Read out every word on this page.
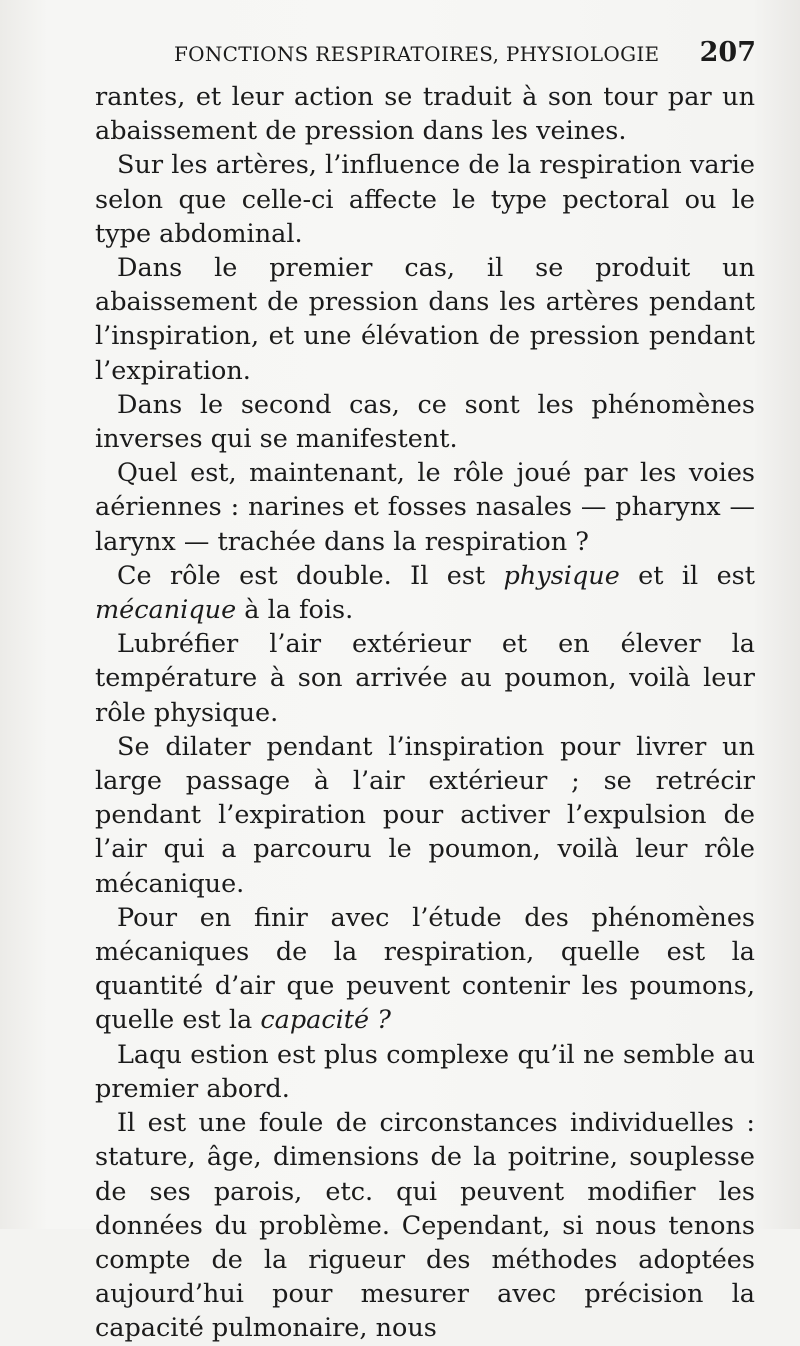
FONCTIONS RESPIRATOIRES, PHYSIOLOGIE 207

rantes, et leur action se traduit à son tour par un abaissement de pression dans les veines.

Sur les artères, l’influence de la respiration varie selon que celle-ci affecte le type pectoral ou le type abdominal.

Dans le premier cas, il se produit un abaissement de pression dans les artères pendant l’inspiration, et une élévation de pression pendant l’expiration.

Dans le second cas, ce sont les phénomènes inverses qui se manifestent.

Quel est, maintenant, le rôle joué par les voies aériennes : narines et fosses nasales — pharynx — larynx — trachée dans la respiration ?

Ce rôle est double. Il est physique et il est mécanique à la fois.

Lubréfier l’air extérieur et en élever la température à son arrivée au poumon, voilà leur rôle physique.

Se dilater pendant l’inspiration pour livrer un large passage à l’air extérieur ; se retrécir pendant l’expiration pour activer l’expulsion de l’air qui a parcouru le poumon, voilà leur rôle mécanique.

Pour en finir avec l’étude des phénomènes mécaniques de la respiration, quelle est la quantité d’air que peuvent contenir les poumons, quelle est la capacité ?

Laqu estion est plus complexe qu’il ne semble au premier abord.

Il est une foule de circonstances individuelles : stature, âge, dimensions de la poitrine, souplesse de ses parois, etc. qui peuvent modifier les données du problème. Cependant, si nous tenons compte de la rigueur des méthodes adoptées aujourd’hui pour mesurer avec précision la capacité pulmonaire, nous
